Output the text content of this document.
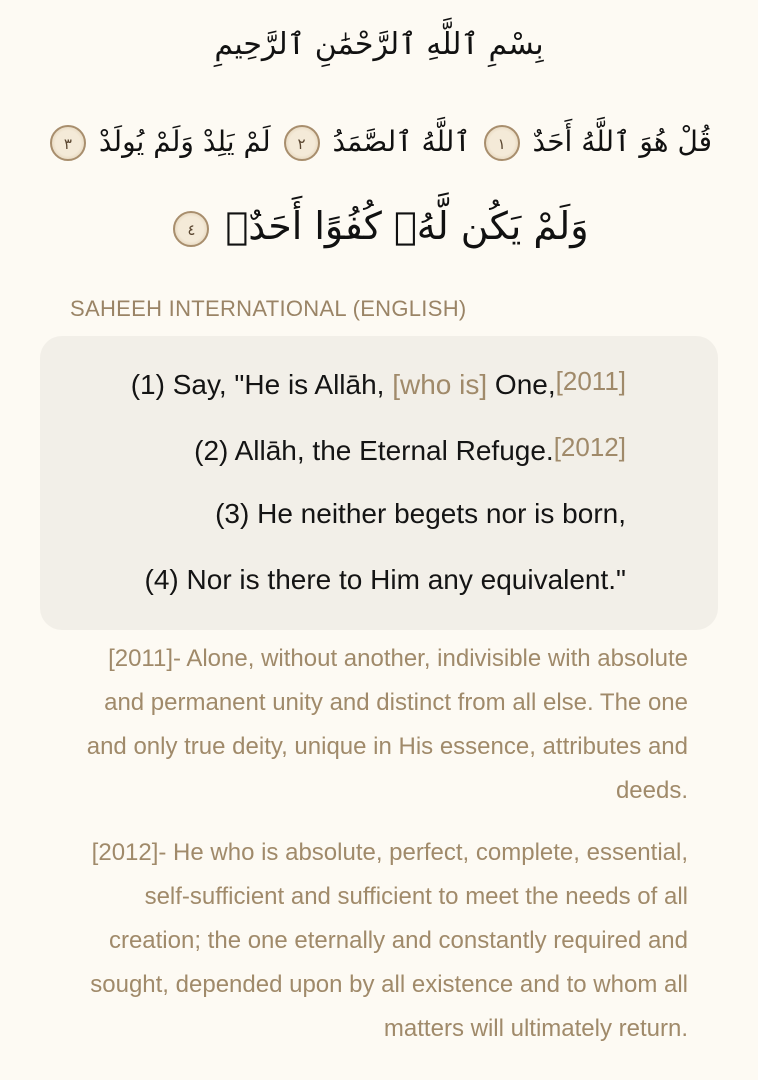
بِسْمِ ٱللَّهِ ٱلرَّحْمَٰنِ ٱلرَّحِيمِ
قُلْ هُوَ ٱللَّهُ أَحَدٌ ١ ٱللَّهُ ٱلصَّمَدُ ٢ لَمْ يَلِدْ وَلَمْ يُولَدْ ٣
وَلَمْ يَكُن لَّهُۥ كُفُوًا أَحَدٌۢ ٤
SAHEEH INTERNATIONAL (ENGLISH)
(1) Say, "He is Allāh, [who is] One,[2011]
(2) Allāh, the Eternal Refuge.[2012]
(3) He neither begets nor is born,
(4) Nor is there to Him any equivalent."
[2011]- Alone, without another, indivisible with absolute and permanent unity and distinct from all else. The one and only true deity, unique in His essence, attributes and deeds.
[2012]- He who is absolute, perfect, complete, essential, self-sufficient and sufficient to meet the needs of all creation; the one eternally and constantly required and sought, depended upon by all existence and to whom all matters will ultimately return.
